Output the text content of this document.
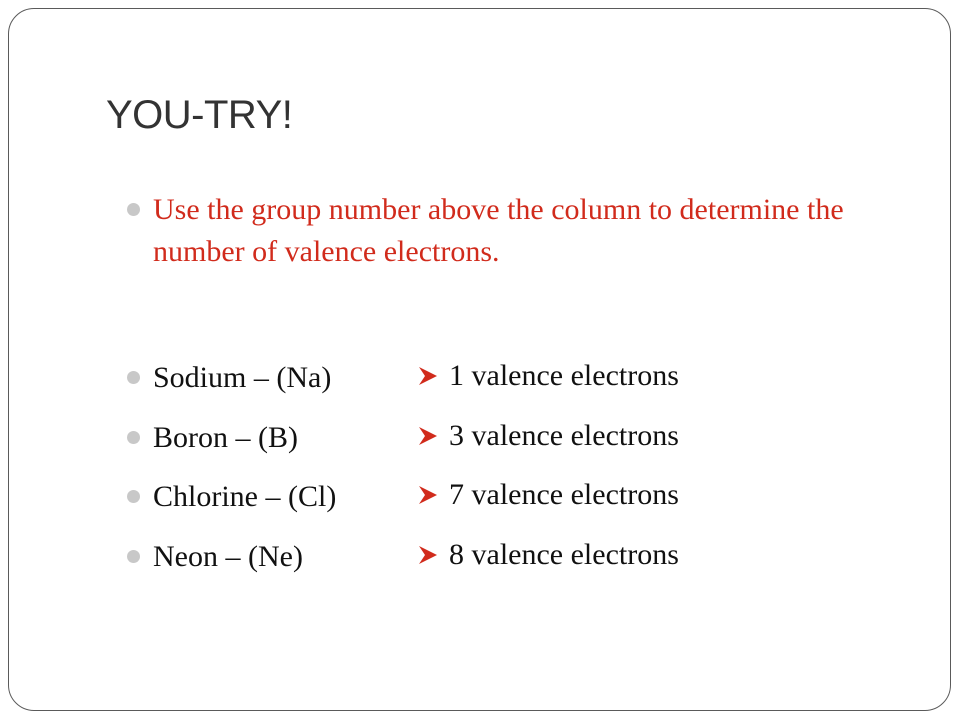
YOU-TRY!
Use the group number above the column to determine the number of valence electrons.
Sodium – (Na)
Boron – (B)
Chlorine – (Cl)
Neon – (Ne)
1 valence electrons
3 valence electrons
7 valence electrons
8 valence electrons
